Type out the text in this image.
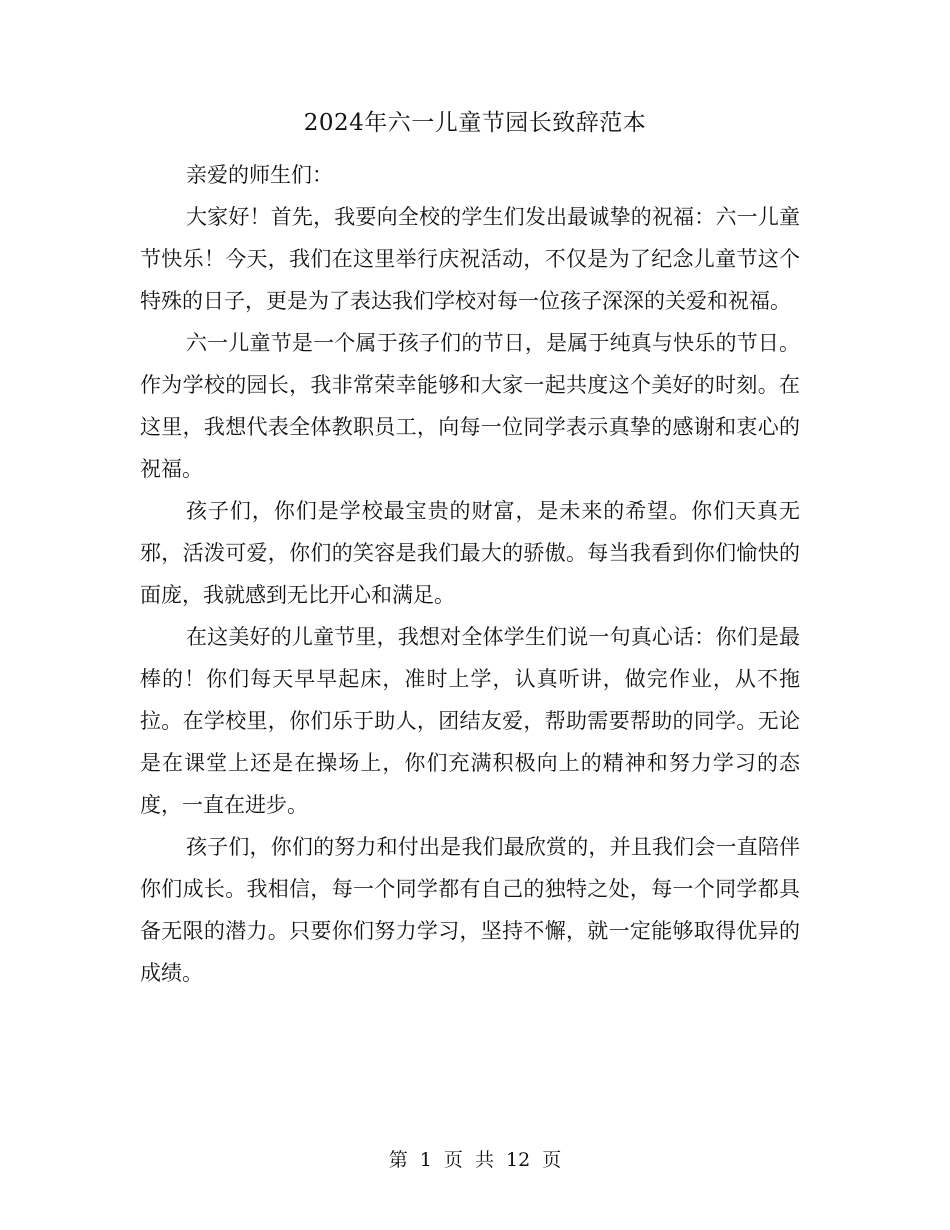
2024年六一儿童节园长致辞范本

亲爱的师生们：

大家好！首先，我要向全校的学生们发出最诚挚的祝福：六一儿童节快乐！今天，我们在这里举行庆祝活动，不仅是为了纪念儿童节这个特殊的日子，更是为了表达我们学校对每一位孩子深深的关爱和祝福。

六一儿童节是一个属于孩子们的节日，是属于纯真与快乐的节日。作为学校的园长，我非常荣幸能够和大家一起共度这个美好的时刻。在这里，我想代表全体教职员工，向每一位同学表示真挚的感谢和衷心的祝福。

孩子们，你们是学校最宝贵的财富，是未来的希望。你们天真无邪，活泼可爱，你们的笑容是我们最大的骄傲。每当我看到你们愉快的面庞，我就感到无比开心和满足。

在这美好的儿童节里，我想对全体学生们说一句真心话：你们是最棒的！你们每天早早起床，准时上学，认真听讲，做完作业，从不拖拉。在学校里，你们乐于助人，团结友爱，帮助需要帮助的同学。无论是在课堂上还是在操场上，你们充满积极向上的精神和努力学习的态度，一直在进步。

孩子们，你们的努力和付出是我们最欣赏的，并且我们会一直陪伴你们成长。我相信，每一个同学都有自己的独特之处，每一个同学都具备无限的潜力。只要你们努力学习，坚持不懈，就一定能够取得优异的成绩。

第 1 页 共 12 页
